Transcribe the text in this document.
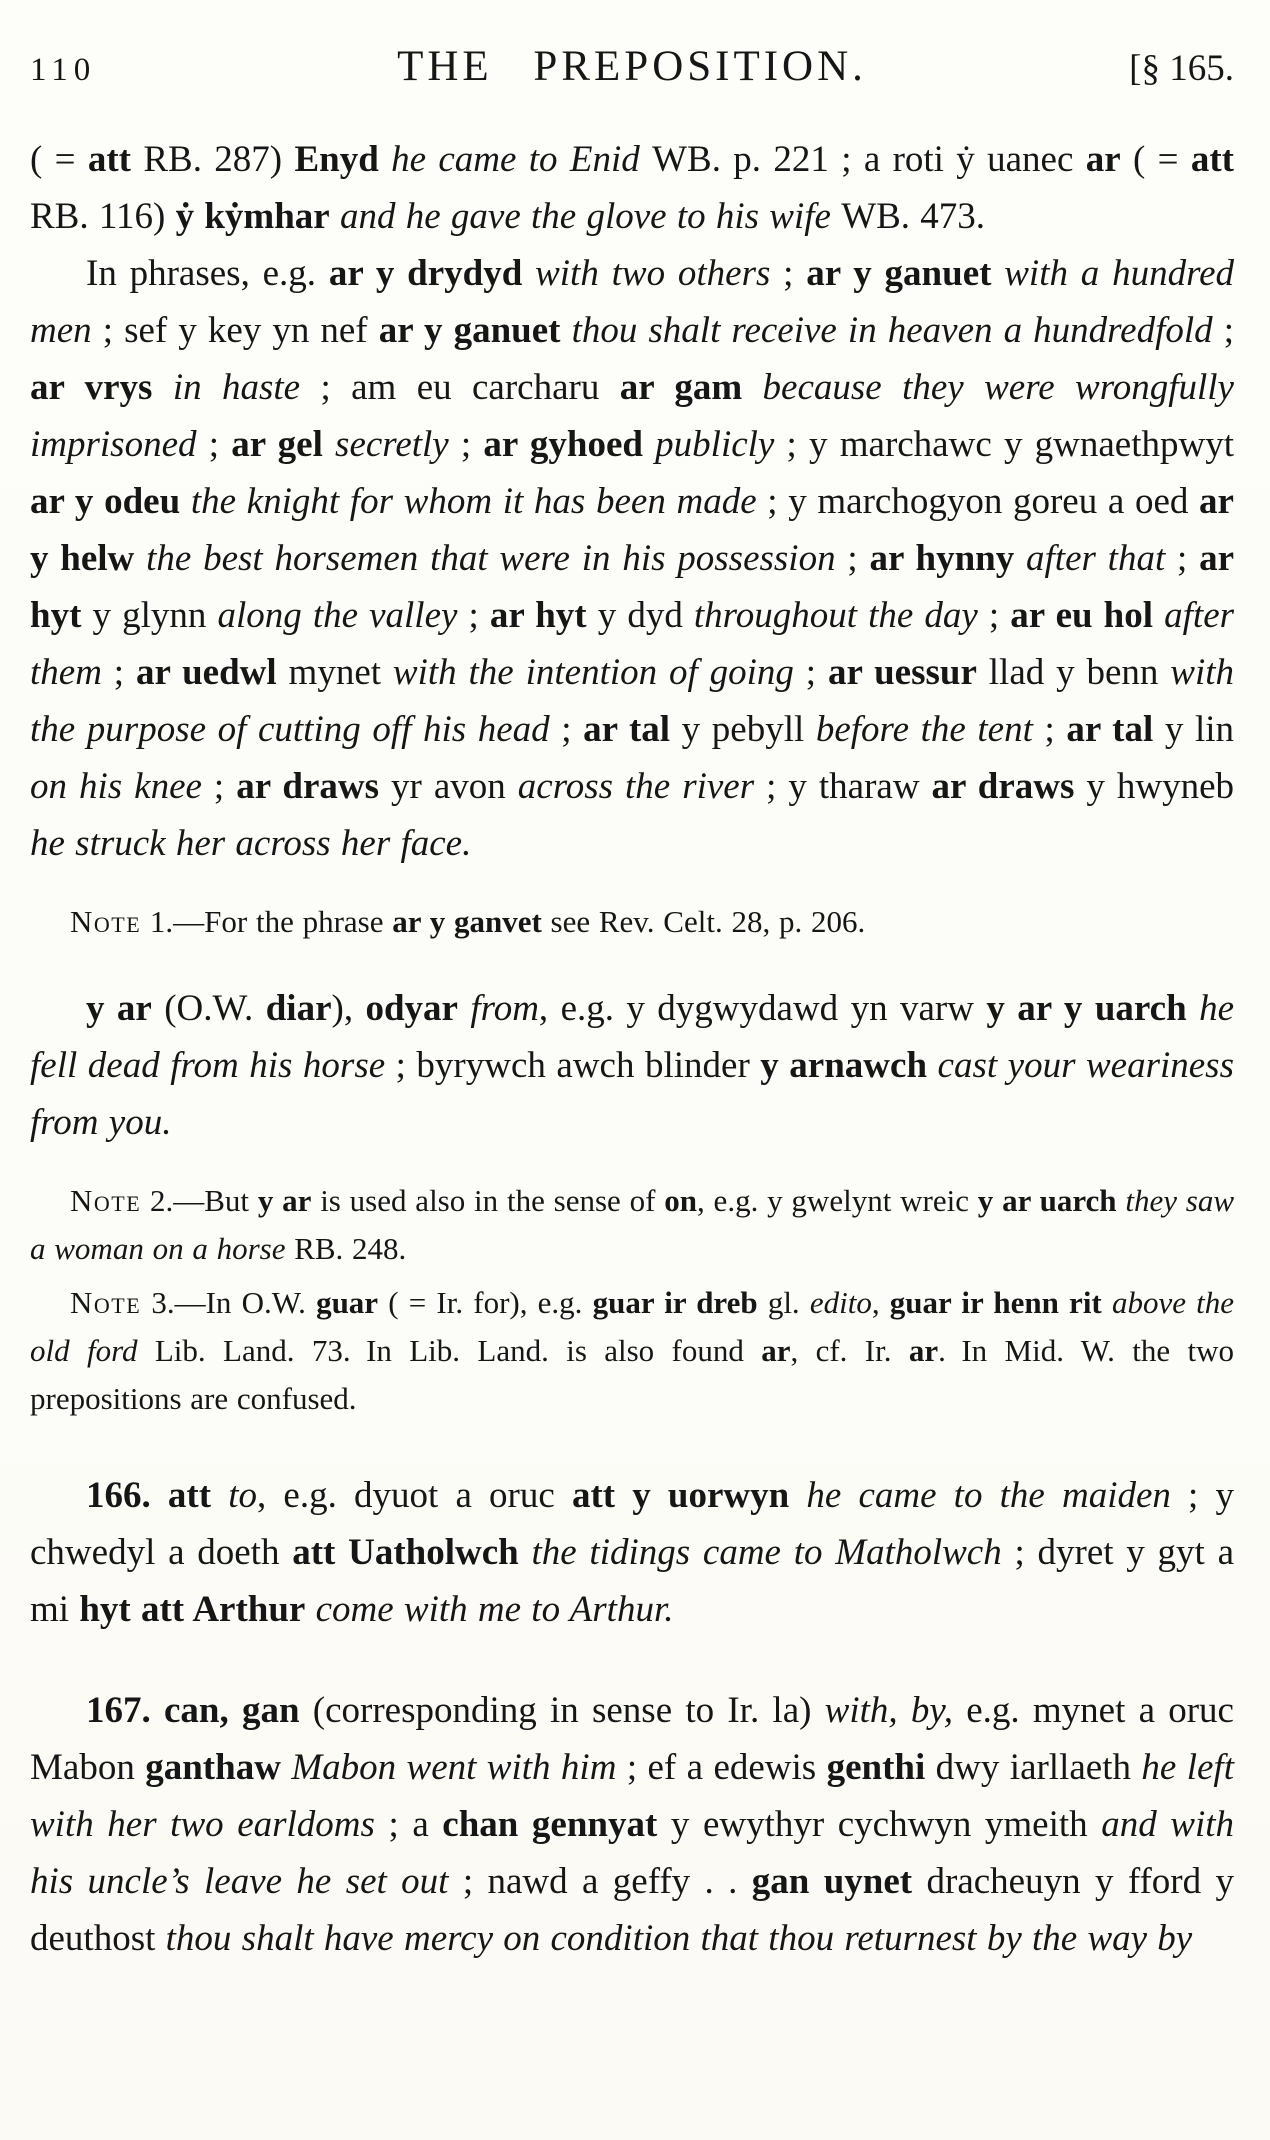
110	THE PREPOSITION.	[§ 165.

( = att RB. 287) Enyd he came to Enid WB. p. 221 ; a roti ẏ uanec ar ( = att RB. 116) ẏ kẏmhar and he gave the glove to his wife WB. 473.

In phrases, e.g. ar y drydyd with two others ; ar y ganuet with a hundred men ; sef y key yn nef ar y ganuet thou shalt receive in heaven a hundredfold ; ar vrys in haste ; am eu carcharu ar gam because they were wrongfully imprisoned ; ar gel secretly ; ar gyhoed publicly ; y marchawc y gwnaethpwyt ar y odeu the knight for whom it has been made ; y marchogyon goreu a oed ar y helw the best horsemen that were in his possession ; ar hynny after that ; ar hyt y glynn along the valley ; ar hyt y dyd throughout the day ; ar eu hol after them ; ar uedwl mynet with the intention of going ; ar uessur llad y benn with the purpose of cutting off his head ; ar tal y pebyll before the tent ; ar tal y lin on his knee ; ar draws yr avon across the river ; y tharaw ar draws y hwyneb he struck her across her face.

Note 1.—For the phrase ar y ganvet see Rev. Celt. 28, p. 206.

y ar (O.W. diar), odyar from, e.g. y dygwydawd yn varw y ar y uarch he fell dead from his horse ; byrywch awch blinder y arnawch cast your weariness from you.

Note 2.—But y ar is used also in the sense of on, e.g. y gwelynt wreic y ar uarch they saw a woman on a horse RB. 248.

Note 3.—In O.W. guar ( = Ir. for), e.g. guar ir dreb gl. edito, guar ir henn rit above the old ford Lib. Land. 73. In Lib. Land. is also found ar, cf. Ir. ar. In Mid. W. the two prepositions are confused.

166. att to, e.g. dyuot a oruc att y uorwyn he came to the maiden ; y chwedyl a doeth att Uatholwch the tidings came to Matholwch ; dyret y gyt a mi hyt att Arthur come with me to Arthur.

167. can, gan (corresponding in sense to Ir. la) with, by, e.g. mynet a oruc Mabon ganthaw Mabon went with him ; ef a edewis genthi dwy iarllaeth he left with her two earldoms ; a chan gennyat y ewythyr cychwyn ymeith and with his uncle’s leave he set out ; nawd a geffy . . gan uynet dracheuyn y fford y deuthost thou shalt have mercy on condition that thou returnest by the way by
